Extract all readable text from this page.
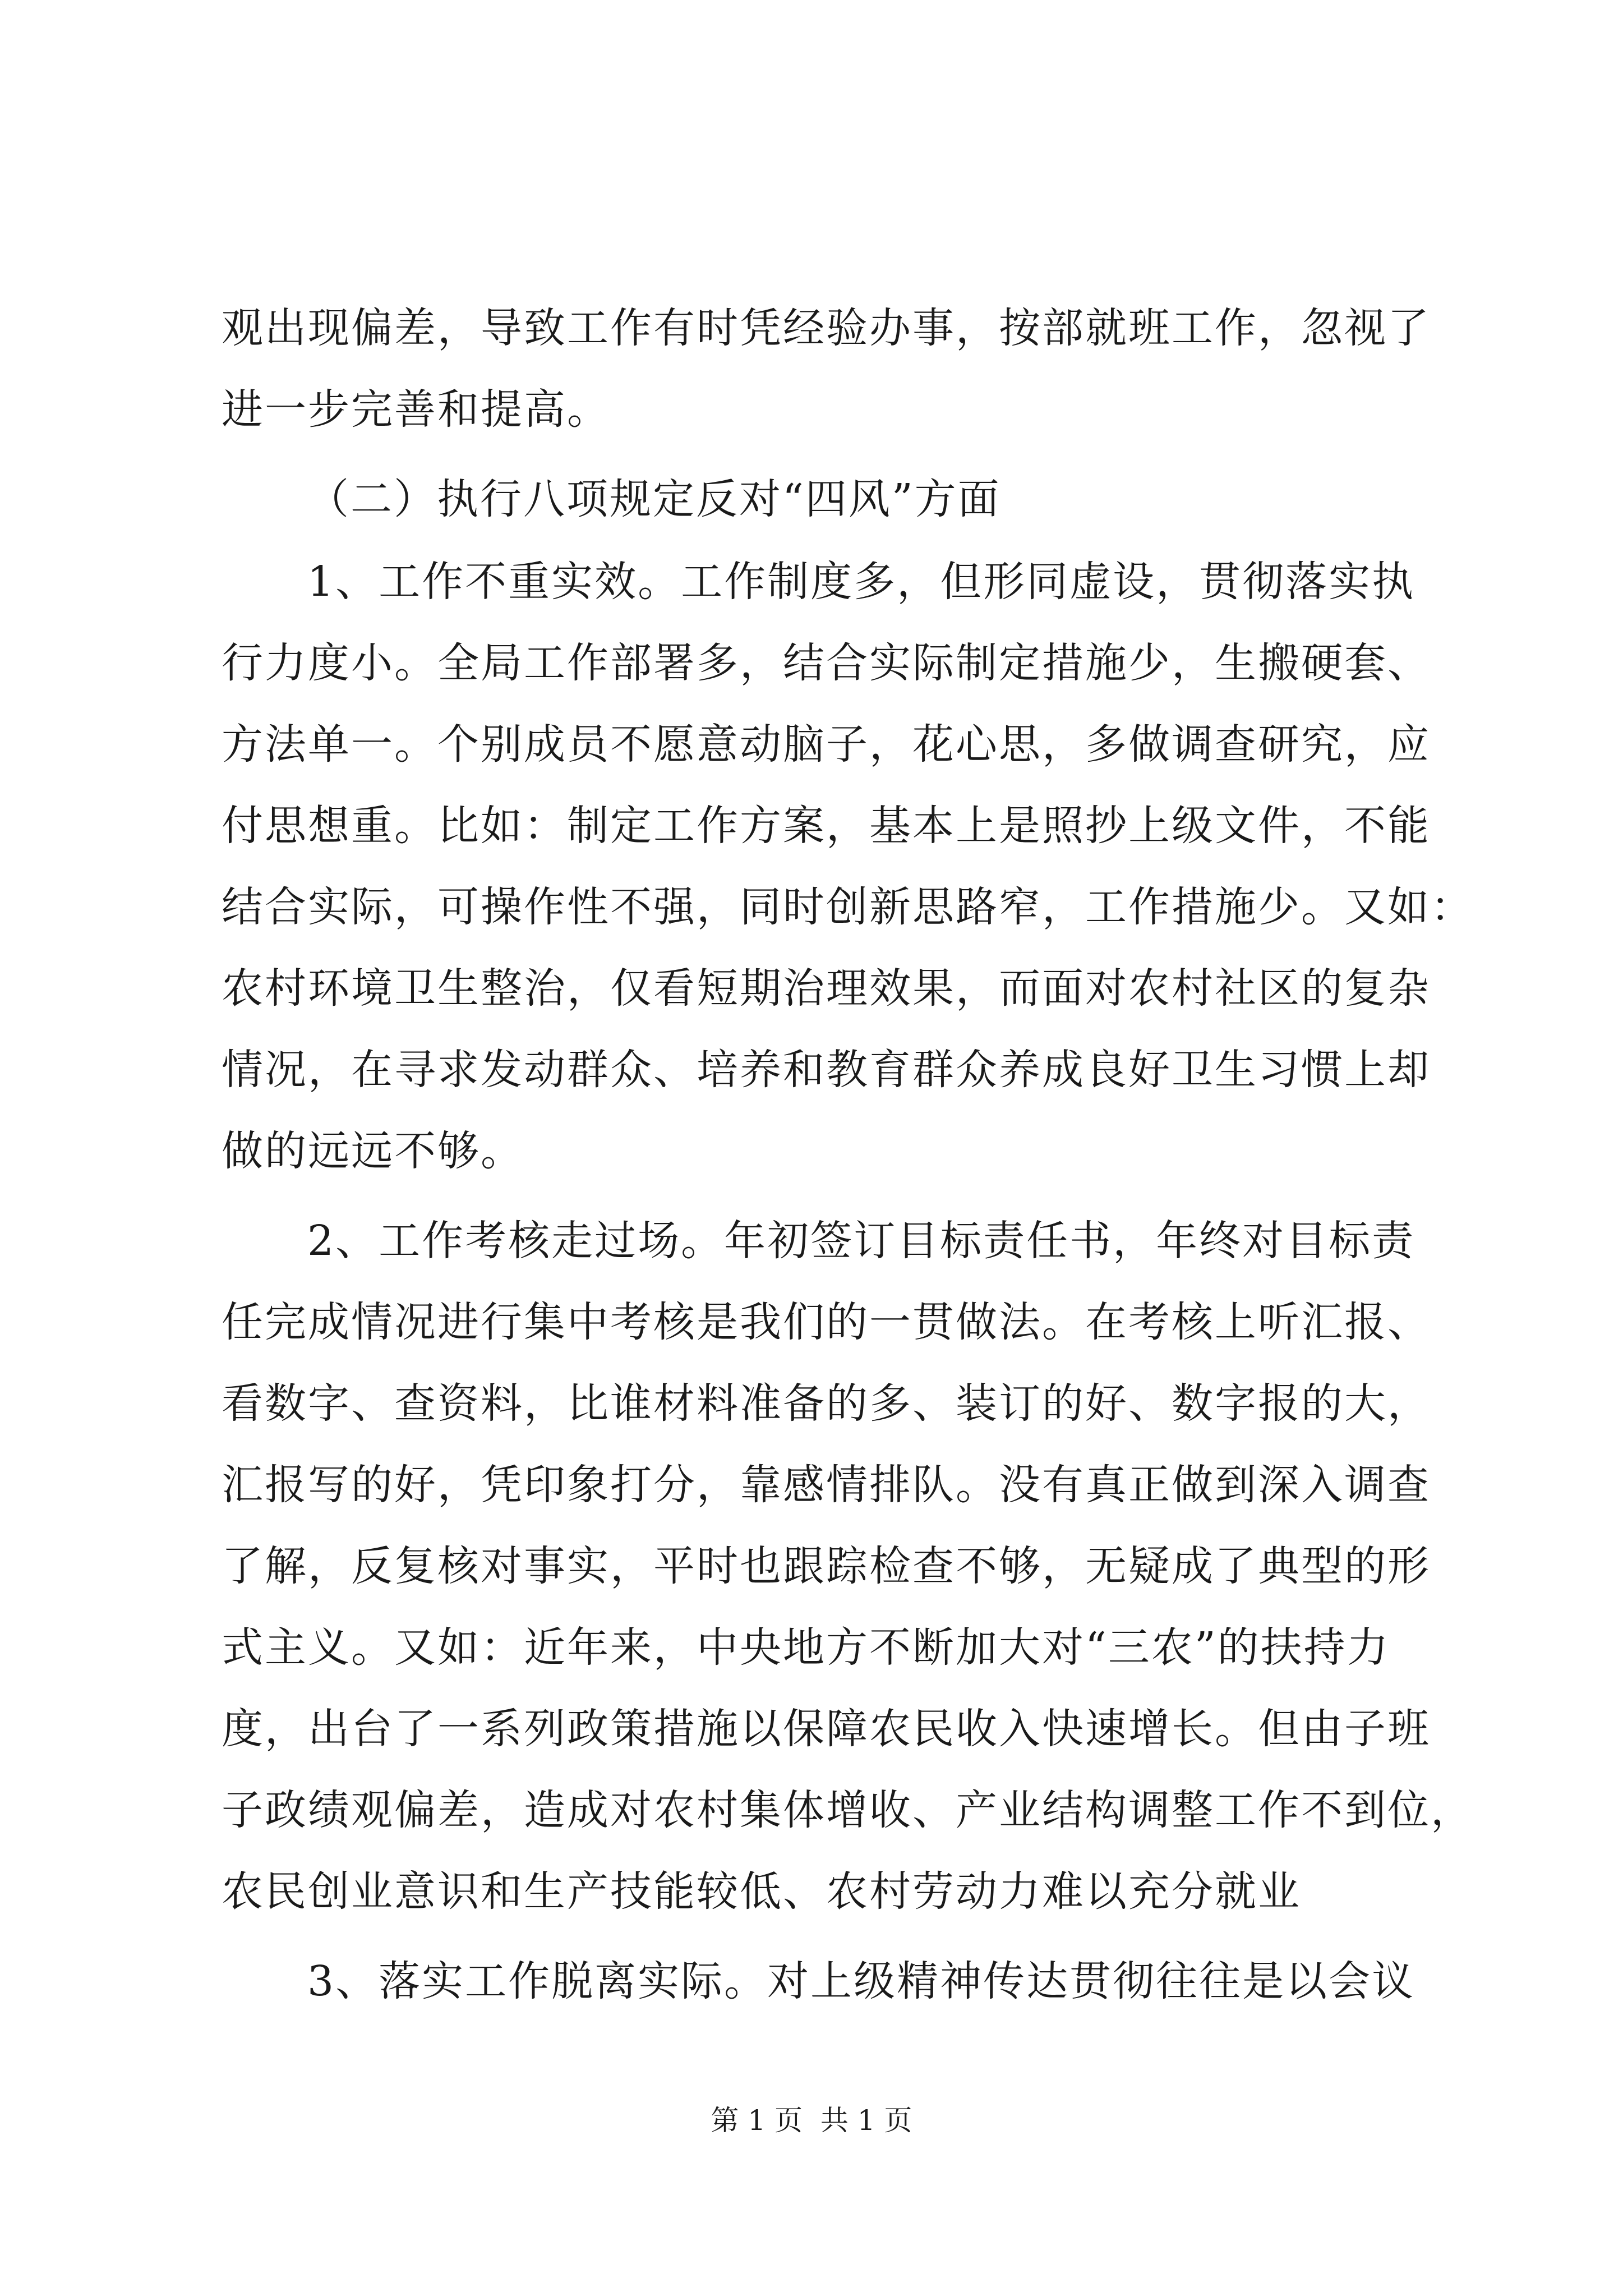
观出现偏差，导致工作有时凭经验办事，按部就班工作，忽视了
进一步完善和提高。
（二）执行八项规定反对“四风”方面
1、工作不重实效。工作制度多，但形同虚设，贯彻落实执
行力度小。全局工作部署多，结合实际制定措施少，生搬硬套、
方法单一。个别成员不愿意动脑子，花心思，多做调查研究，应
付思想重。比如：制定工作方案，基本上是照抄上级文件，不能
结合实际，可操作性不强，同时创新思路窄，工作措施少。又如：
农村环境卫生整治，仅看短期治理效果，而面对农村社区的复杂
情况，在寻求发动群众、培养和教育群众养成良好卫生习惯上却
做的远远不够。
2、工作考核走过场。年初签订目标责任书，年终对目标责
任完成情况进行集中考核是我们的一贯做法。在考核上听汇报、
看数字、查资料，比谁材料准备的多、装订的好、数字报的大，
汇报写的好，凭印象打分，靠感情排队。没有真正做到深入调查
了解，反复核对事实，平时也跟踪检查不够，无疑成了典型的形
式主义。又如：近年来，中央地方不断加大对“三农”的扶持力
度，出台了一系列政策措施以保障农民收入快速增长。但由子班
子政绩观偏差，造成对农村集体增收、产业结构调整工作不到位，
农民创业意识和生产技能较低、农村劳动力难以充分就业
3、落实工作脱离实际。对上级精神传达贯彻往往是以会议
第 1 页  共 1 页
